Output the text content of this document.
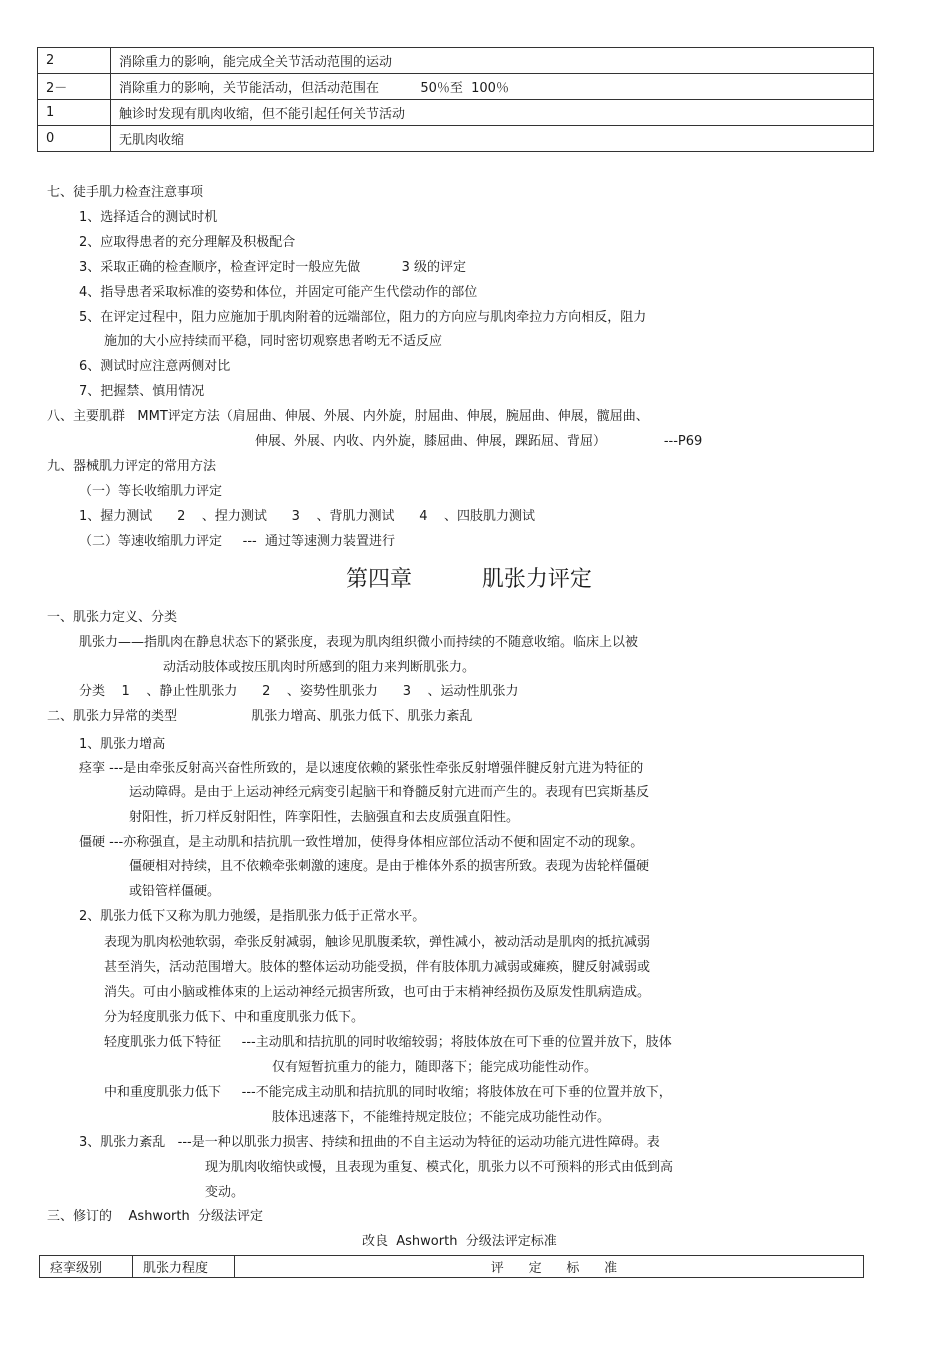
2	消除重力的影响，能完成全关节活动范围的运动
2－	消除重力的影响，关节能活动，但活动范围在          50％至  100％
1	触诊时发现有肌肉收缩，但不能引起任何关节活动
0	无肌肉收缩
七、徒手肌力检查注意事项
1、选择适合的测试时机
2、应取得患者的充分理解及积极配合
3、采取正确的检查顺序，检查评定时一般应先做          3 级的评定
4、指导患者采取标准的姿势和体位，并固定可能产生代偿动作的部位
5、在评定过程中，阻力应施加于肌肉附着的远端部位，阻力的方向应与肌肉牵拉力方向相反，阻力
施加的大小应持续而平稳，同时密切观察患者哟无不适反应
6、测试时应注意两侧对比
7、把握禁、慎用情况
八、主要肌群   MMT评定方法（肩屈曲、伸展、外展、内外旋，肘屈曲、伸展，腕屈曲、伸展，髋屈曲、
伸展、外展、内收、内外旋，膝屈曲、伸展，踝跖屈、背屈）              ---P69
九、器械肌力评定的常用方法
（一）等长收缩肌力评定
1、握力测试      2    、捏力测试      3    、背肌力测试      4    、四肢肌力测试
（二）等速收缩肌力评定     ---  通过等速测力装置进行
第四章          肌张力评定
一、肌张力定义、分类
肌张力——指肌肉在静息状态下的紧张度，表现为肌肉组织微小而持续的不随意收缩。临床上以被
动活动肢体或按压肌肉时所感到的阻力来判断肌张力。
分类    1    、静止性肌张力      2    、姿势性肌张力      3    、运动性肌张力
二、肌张力异常的类型                  肌张力增高、肌张力低下、肌张力紊乱
1、肌张力增高
痉挛 ---是由牵张反射高兴奋性所致的，是以速度依赖的紧张性牵张反射增强伴腱反射亢进为特征的
运动障碍。是由于上运动神经元病变引起脑干和脊髓反射亢进而产生的。表现有巴宾斯基反
射阳性，折刀样反射阳性，阵挛阳性，去脑强直和去皮质强直阳性。
僵硬 ---亦称强直，是主动肌和拮抗肌一致性增加，使得身体相应部位活动不便和固定不动的现象。
僵硬相对持续，且不依赖牵张刺激的速度。是由于椎体外系的损害所致。表现为齿轮样僵硬
或铅管样僵硬。
2、肌张力低下又称为肌力弛缓，是指肌张力低于正常水平。
表现为肌肉松弛软弱，牵张反射减弱，触诊见肌腹柔软，弹性减小，被动活动是肌肉的抵抗减弱
甚至消失，活动范围增大。肢体的整体运动功能受损，伴有肢体肌力减弱或瘫痪，腱反射减弱或
消失。可由小脑或椎体束的上运动神经元损害所致，也可由于末梢神经损伤及原发性肌病造成。
分为轻度肌张力低下、中和重度肌张力低下。
轻度肌张力低下特征     ---主动肌和拮抗肌的同时收缩较弱；将肢体放在可下垂的位置并放下，肢体
仅有短暂抗重力的能力，随即落下；能完成功能性动作。
中和重度肌张力低下     ---不能完成主动肌和拮抗肌的同时收缩；将肢体放在可下垂的位置并放下，
肢体迅速落下，不能维持规定肢位；不能完成功能性动作。
3、肌张力紊乱   ---是一种以肌张力损害、持续和扭曲的不自主运动为特征的运动功能亢进性障碍。表
现为肌肉收缩快或慢，且表现为重复、模式化，肌张力以不可预料的形式由低到高
变动。
三、修订的    Ashworth  分级法评定
改良  Ashworth  分级法评定标准
痉挛级别	肌张力程度	评      定      标      准
